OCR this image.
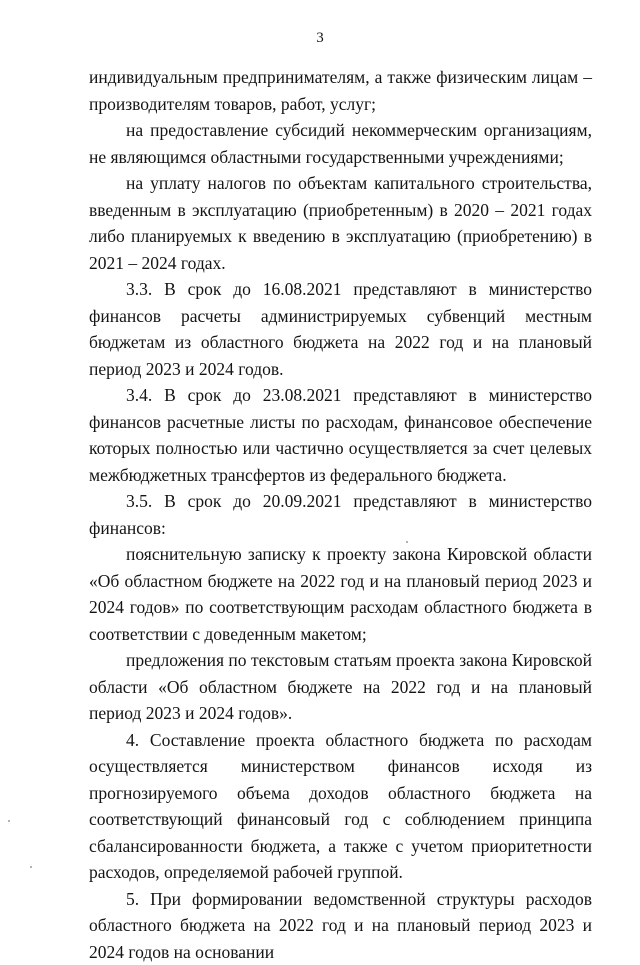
3

индивидуальным предпринимателям, а также физическим лицам – производителям товаров, работ, услуг;

на предоставление субсидий некоммерческим организациям, не являющимся областными государственными учреждениями;

на уплату налогов по объектам капитального строительства, введенным в эксплуатацию (приобретенным) в 2020 – 2021 годах либо планируемых к введению в эксплуатацию (приобретению) в 2021 – 2024 годах.

3.3. В срок до 16.08.2021 представляют в министерство финансов расчеты администрируемых субвенций местным бюджетам из областного бюджета на 2022 год и на плановый период 2023 и 2024 годов.

3.4. В срок до 23.08.2021 представляют в министерство финансов расчетные листы по расходам, финансовое обеспечение которых полностью или частично осуществляется за счет целевых межбюджетных трансфертов из федерального бюджета.

3.5. В срок до 20.09.2021 представляют в министерство финансов:

пояснительную записку к проекту закона Кировской области «Об областном бюджете на 2022 год и на плановый период 2023 и 2024 годов» по соответствующим расходам областного бюджета в соответствии с доведенным макетом;

предложения по текстовым статьям проекта закона Кировской области «Об областном бюджете на 2022 год и на плановый период 2023 и 2024 годов».

4. Составление проекта областного бюджета по расходам осуществляется министерством финансов исходя из прогнозируемого объема доходов областного бюджета на соответствующий финансовый год с соблюдением принципа сбалансированности бюджета, а также с учетом приоритетности расходов, определяемой рабочей группой.

5. При формировании ведомственной структуры расходов областного бюджета на 2022 год и на плановый период 2023 и 2024 годов на основании
